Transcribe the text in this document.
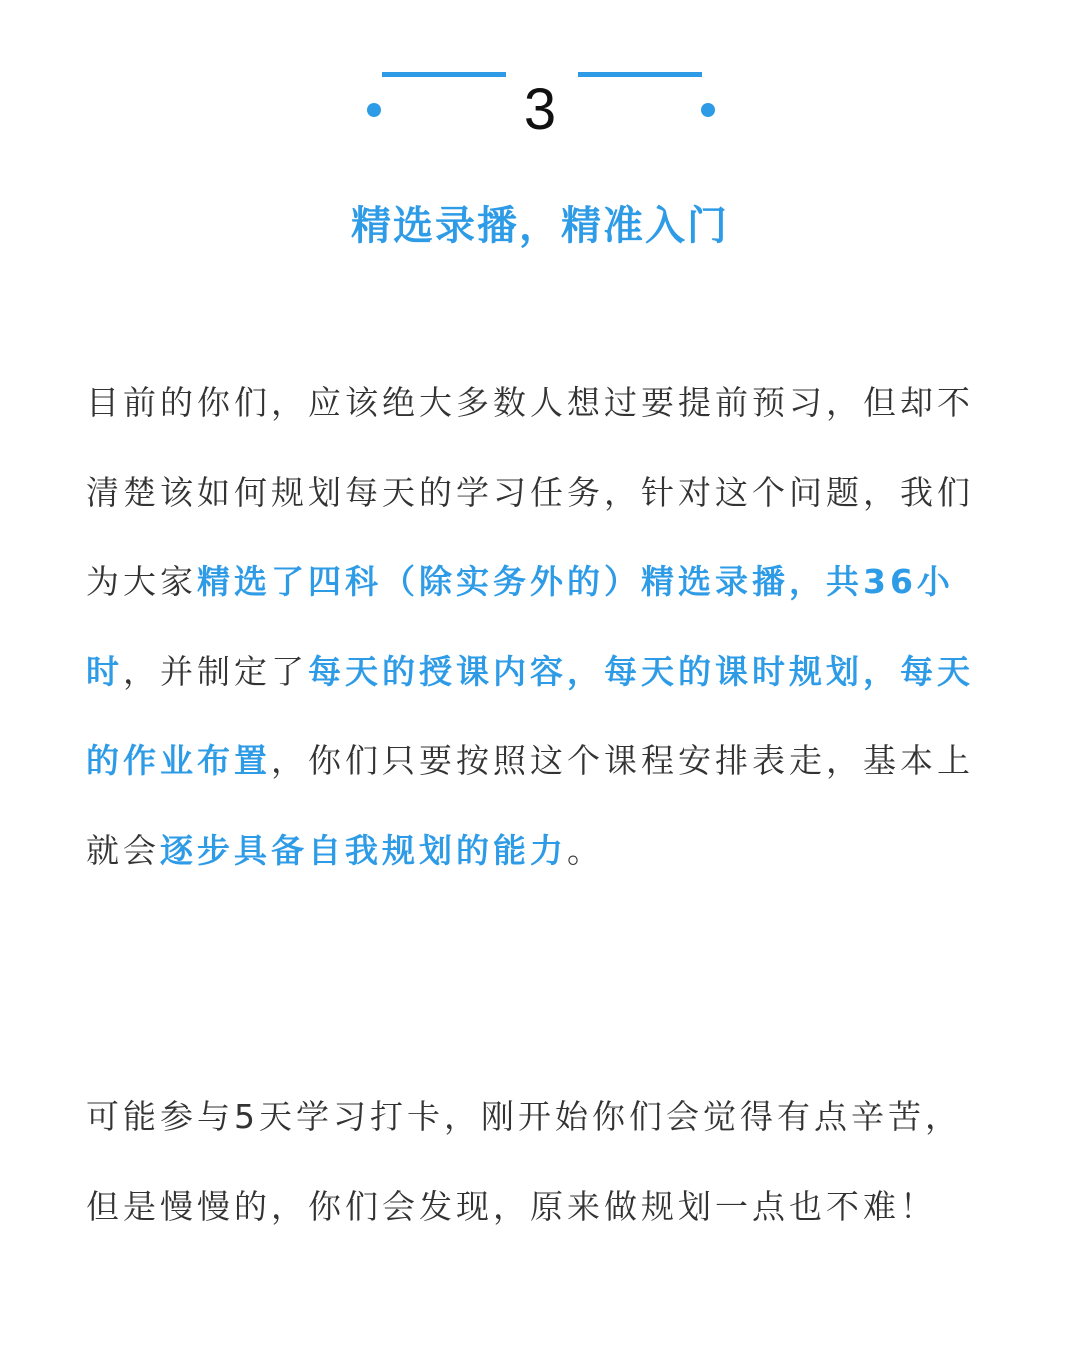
3
精选录播，精准入门

目前的你们，应该绝大多数人想过要提前预习，但却不清楚该如何规划每天的学习任务，针对这个问题，我们为大家精选了四科（除实务外的）精选录播，共36小时，并制定了每天的授课内容，每天的课时规划，每天的作业布置，你们只要按照这个课程安排表走，基本上就会逐步具备自我规划的能力。

可能参与5天学习打卡，刚开始你们会觉得有点辛苦，但是慢慢的，你们会发现，原来做规划一点也不难！
